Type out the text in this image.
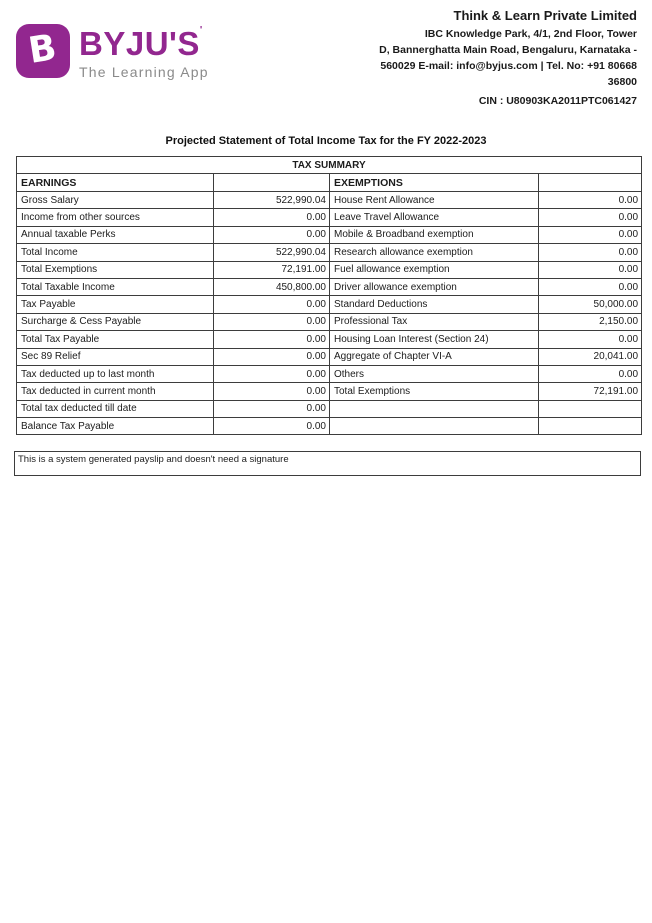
B BYJU'S'
The Learning App
Think & Learn Private Limited
IBC Knowledge Park, 4/1, 2nd Floor, Tower
D, Bannerghatta Main Road, Bengaluru, Karnataka -
560029 E-mail: info@byjus.com | Tel. No: +91 80668
36800
CIN : U80903KA2011PTC061427
Projected Statement of Total Income Tax for the FY 2022-2023
TAX SUMMARY			
EARNINGS		EXEMPTIONS	
Gross Salary	522,990.04	House Rent Allowance	0.00
Income from other sources	0.00	Leave Travel Allowance	0.00
Annual taxable Perks	0.00	Mobile & Broadband exemption	0.00
Total Income	522,990.04	Research allowance exemption	0.00
Total Exemptions	72,191.00	Fuel allowance exemption	0.00
Total Taxable Income	450,800.00	Driver allowance exemption	0.00
Tax Payable	0.00	Standard Deductions	50,000.00
Surcharge & Cess Payable	0.00	Professional Tax	2,150.00
Total Tax Payable	0.00	Housing Loan Interest (Section 24)	0.00
Sec 89 Relief	0.00	Aggregate of Chapter VI-A	20,041.00
Tax deducted up to last month	0.00	Others	0.00
Tax deducted in current month	0.00	Total Exemptions	72,191.00
Total tax deducted till date	0.00		
Balance Tax Payable	0.00		
This is a system generated payslip and doesn't need a signature
